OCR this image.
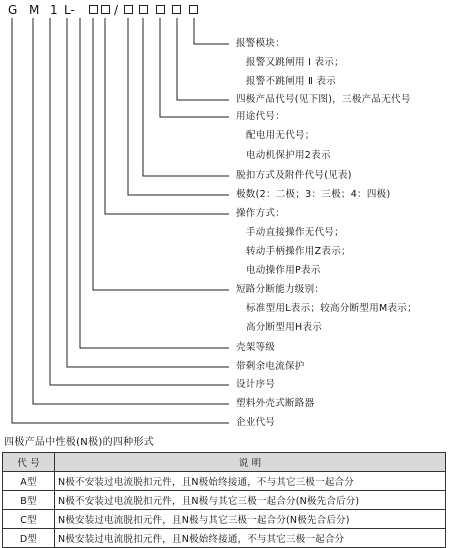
G M 1 L-	/
报警模块：
报警又跳闸用 Ⅰ 表示；
报警不跳闸用 Ⅱ 表示
四极产品代号(见下图)，三极产品无代号
用途代号：
配电用无代号；
电动机保护用2表示
脱扣方式及附件代号(见表)
极数(2：二极；3：三极；4：四极)
操作方式：
手动直接操作无代号；
转动手柄操作用Z表示；
电动操作用P表示
短路分断能力级别：
标准型用L表示；较高分断型用M表示；
高分断型用H表示
壳架等级
带剩余电流保护
设计序号
塑料外壳式断路器
企业代号
四极产品中性极(N极)的四种形式
代 号	说 明
A型	N极不安装过电流脱扣元件，且N极始终接通，不与其它三极一起合分
B型	N极不安装过电流脱扣元件，且N极与其它三极一起合分(N极先合后分)
C型	N极安装过电流脱扣元件，且N极与其它三极一起合分(N极先合后分)
D型	N极安装过电流脱扣元件，且N极始终接通，不与其它三极一起合分
